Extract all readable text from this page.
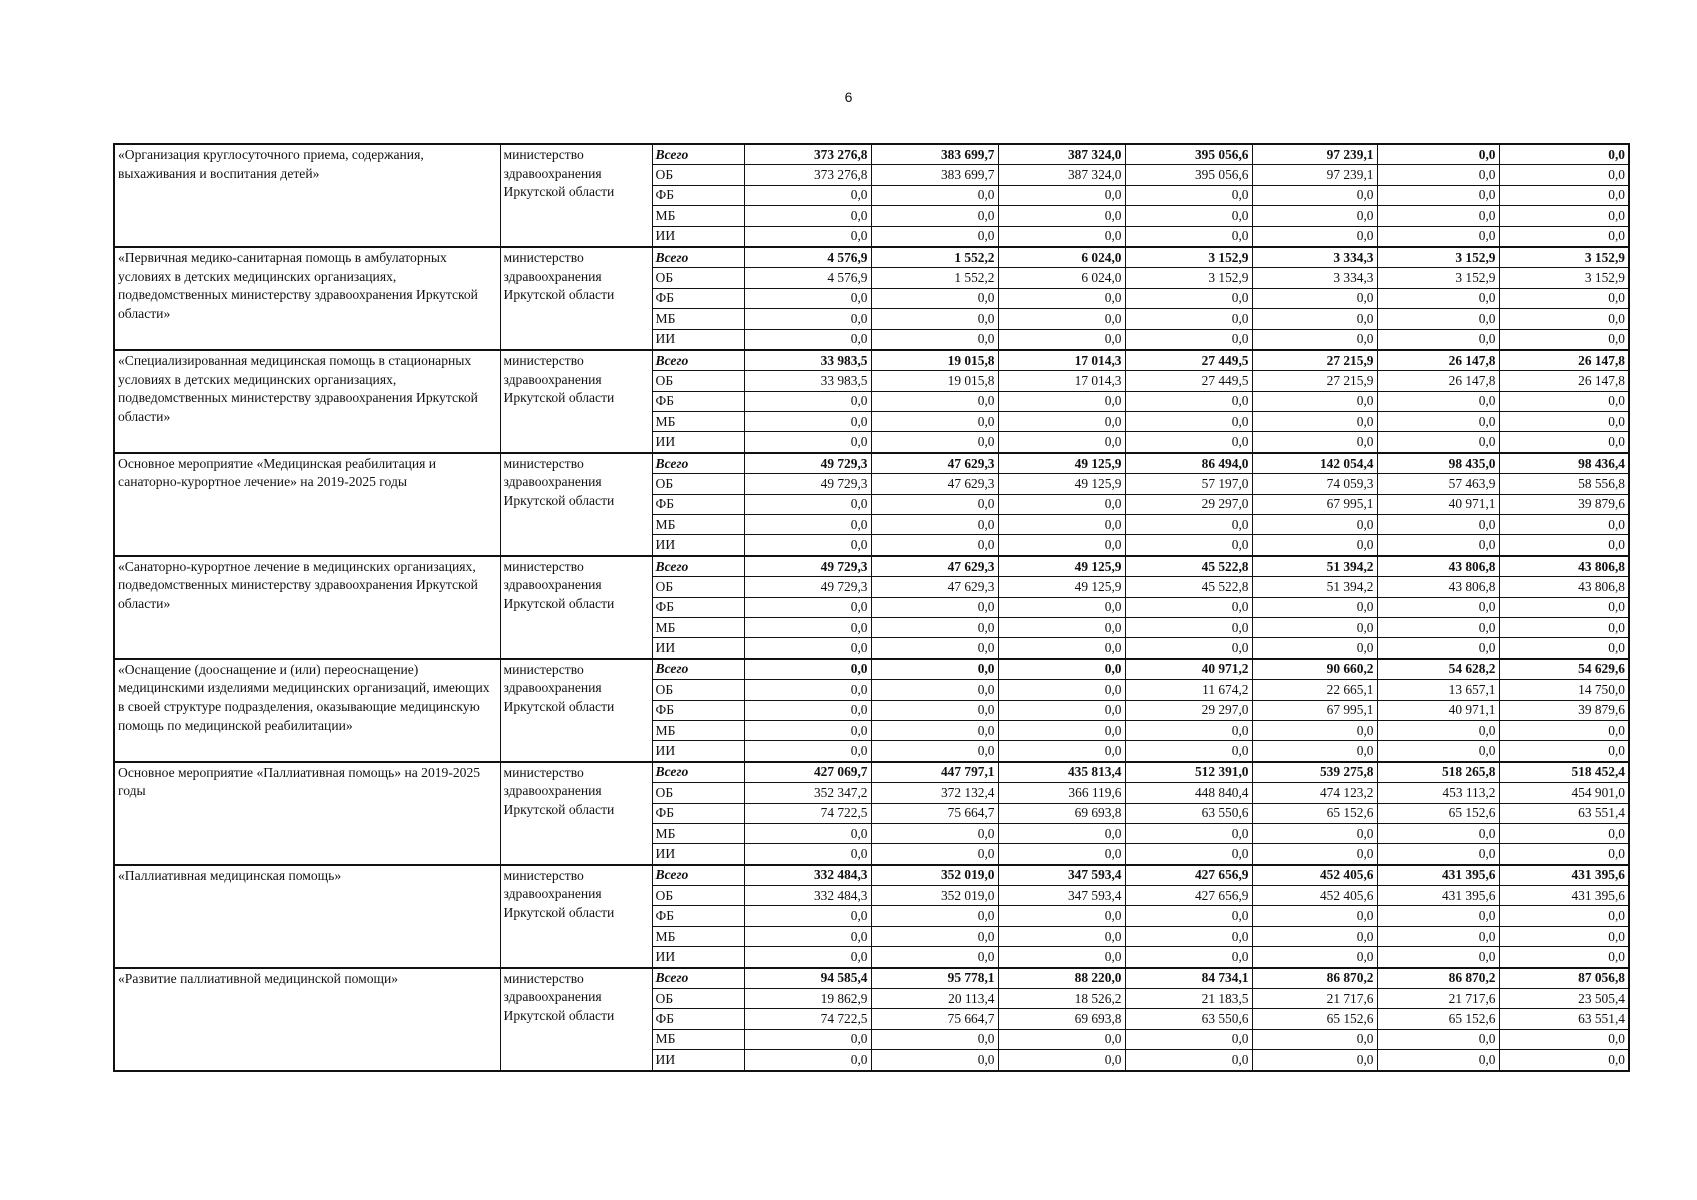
6
«Организация круглосуточного приема, содержания, выхаживания и воспитания детей»	министерство здравоохранения Иркутской области	Всего	373 276,8	383 699,7	387 324,0	395 056,6	97 239,1	0,0	0,0
		ОБ	373 276,8	383 699,7	387 324,0	395 056,6	97 239,1	0,0	0,0
		ФБ	0,0	0,0	0,0	0,0	0,0	0,0	0,0
		МБ	0,0	0,0	0,0	0,0	0,0	0,0	0,0
		ИИ	0,0	0,0	0,0	0,0	0,0	0,0	0,0
«Первичная медико-санитарная помощь в амбулаторных условиях в детских медицинских организациях, подведомственных министерству здравоохранения Иркутской области»	министерство здравоохранения Иркутской области	Всего	4 576,9	1 552,2	6 024,0	3 152,9	3 334,3	3 152,9	3 152,9
		ОБ	4 576,9	1 552,2	6 024,0	3 152,9	3 334,3	3 152,9	3 152,9
		ФБ	0,0	0,0	0,0	0,0	0,0	0,0	0,0
		МБ	0,0	0,0	0,0	0,0	0,0	0,0	0,0
		ИИ	0,0	0,0	0,0	0,0	0,0	0,0	0,0
«Специализированная медицинская помощь в стационарных условиях в детских медицинских организациях, подведомственных министерству здравоохранения Иркутской области»	министерство здравоохранения Иркутской области	Всего	33 983,5	19 015,8	17 014,3	27 449,5	27 215,9	26 147,8	26 147,8
		ОБ	33 983,5	19 015,8	17 014,3	27 449,5	27 215,9	26 147,8	26 147,8
		ФБ	0,0	0,0	0,0	0,0	0,0	0,0	0,0
		МБ	0,0	0,0	0,0	0,0	0,0	0,0	0,0
		ИИ	0,0	0,0	0,0	0,0	0,0	0,0	0,0
Основное мероприятие «Медицинская реабилитация и санаторно-курортное лечение» на 2019-2025 годы	министерство здравоохранения Иркутской области	Всего	49 729,3	47 629,3	49 125,9	86 494,0	142 054,4	98 435,0	98 436,4
		ОБ	49 729,3	47 629,3	49 125,9	57 197,0	74 059,3	57 463,9	58 556,8
		ФБ	0,0	0,0	0,0	29 297,0	67 995,1	40 971,1	39 879,6
		МБ	0,0	0,0	0,0	0,0	0,0	0,0	0,0
		ИИ	0,0	0,0	0,0	0,0	0,0	0,0	0,0
«Санаторно-курортное лечение в медицинских организациях, подведомственных министерству здравоохранения Иркутской области»	министерство здравоохранения Иркутской области	Всего	49 729,3	47 629,3	49 125,9	45 522,8	51 394,2	43 806,8	43 806,8
		ОБ	49 729,3	47 629,3	49 125,9	45 522,8	51 394,2	43 806,8	43 806,8
		ФБ	0,0	0,0	0,0	0,0	0,0	0,0	0,0
		МБ	0,0	0,0	0,0	0,0	0,0	0,0	0,0
		ИИ	0,0	0,0	0,0	0,0	0,0	0,0	0,0
«Оснащение (дооснащение и (или) переоснащение) медицинскими изделиями медицинских организаций, имеющих в своей структуре подразделения, оказывающие медицинскую помощь по медицинской реабилитации»	министерство здравоохранения Иркутской области	Всего	0,0	0,0	0,0	40 971,2	90 660,2	54 628,2	54 629,6
		ОБ	0,0	0,0	0,0	11 674,2	22 665,1	13 657,1	14 750,0
		ФБ	0,0	0,0	0,0	29 297,0	67 995,1	40 971,1	39 879,6
		МБ	0,0	0,0	0,0	0,0	0,0	0,0	0,0
		ИИ	0,0	0,0	0,0	0,0	0,0	0,0	0,0
Основное мероприятие «Паллиативная помощь» на 2019-2025 годы	министерство здравоохранения Иркутской области	Всего	427 069,7	447 797,1	435 813,4	512 391,0	539 275,8	518 265,8	518 452,4
		ОБ	352 347,2	372 132,4	366 119,6	448 840,4	474 123,2	453 113,2	454 901,0
		ФБ	74 722,5	75 664,7	69 693,8	63 550,6	65 152,6	65 152,6	63 551,4
		МБ	0,0	0,0	0,0	0,0	0,0	0,0	0,0
		ИИ	0,0	0,0	0,0	0,0	0,0	0,0	0,0
«Паллиативная медицинская помощь»	министерство здравоохранения Иркутской области	Всего	332 484,3	352 019,0	347 593,4	427 656,9	452 405,6	431 395,6	431 395,6
		ОБ	332 484,3	352 019,0	347 593,4	427 656,9	452 405,6	431 395,6	431 395,6
		ФБ	0,0	0,0	0,0	0,0	0,0	0,0	0,0
		МБ	0,0	0,0	0,0	0,0	0,0	0,0	0,0
		ИИ	0,0	0,0	0,0	0,0	0,0	0,0	0,0
«Развитие паллиативной медицинской помощи»	министерство здравоохранения Иркутской области	Всего	94 585,4	95 778,1	88 220,0	84 734,1	86 870,2	86 870,2	87 056,8
		ОБ	19 862,9	20 113,4	18 526,2	21 183,5	21 717,6	21 717,6	23 505,4
		ФБ	74 722,5	75 664,7	69 693,8	63 550,6	65 152,6	65 152,6	63 551,4
		МБ	0,0	0,0	0,0	0,0	0,0	0,0	0,0
		ИИ	0,0	0,0	0,0	0,0	0,0	0,0	0,0
